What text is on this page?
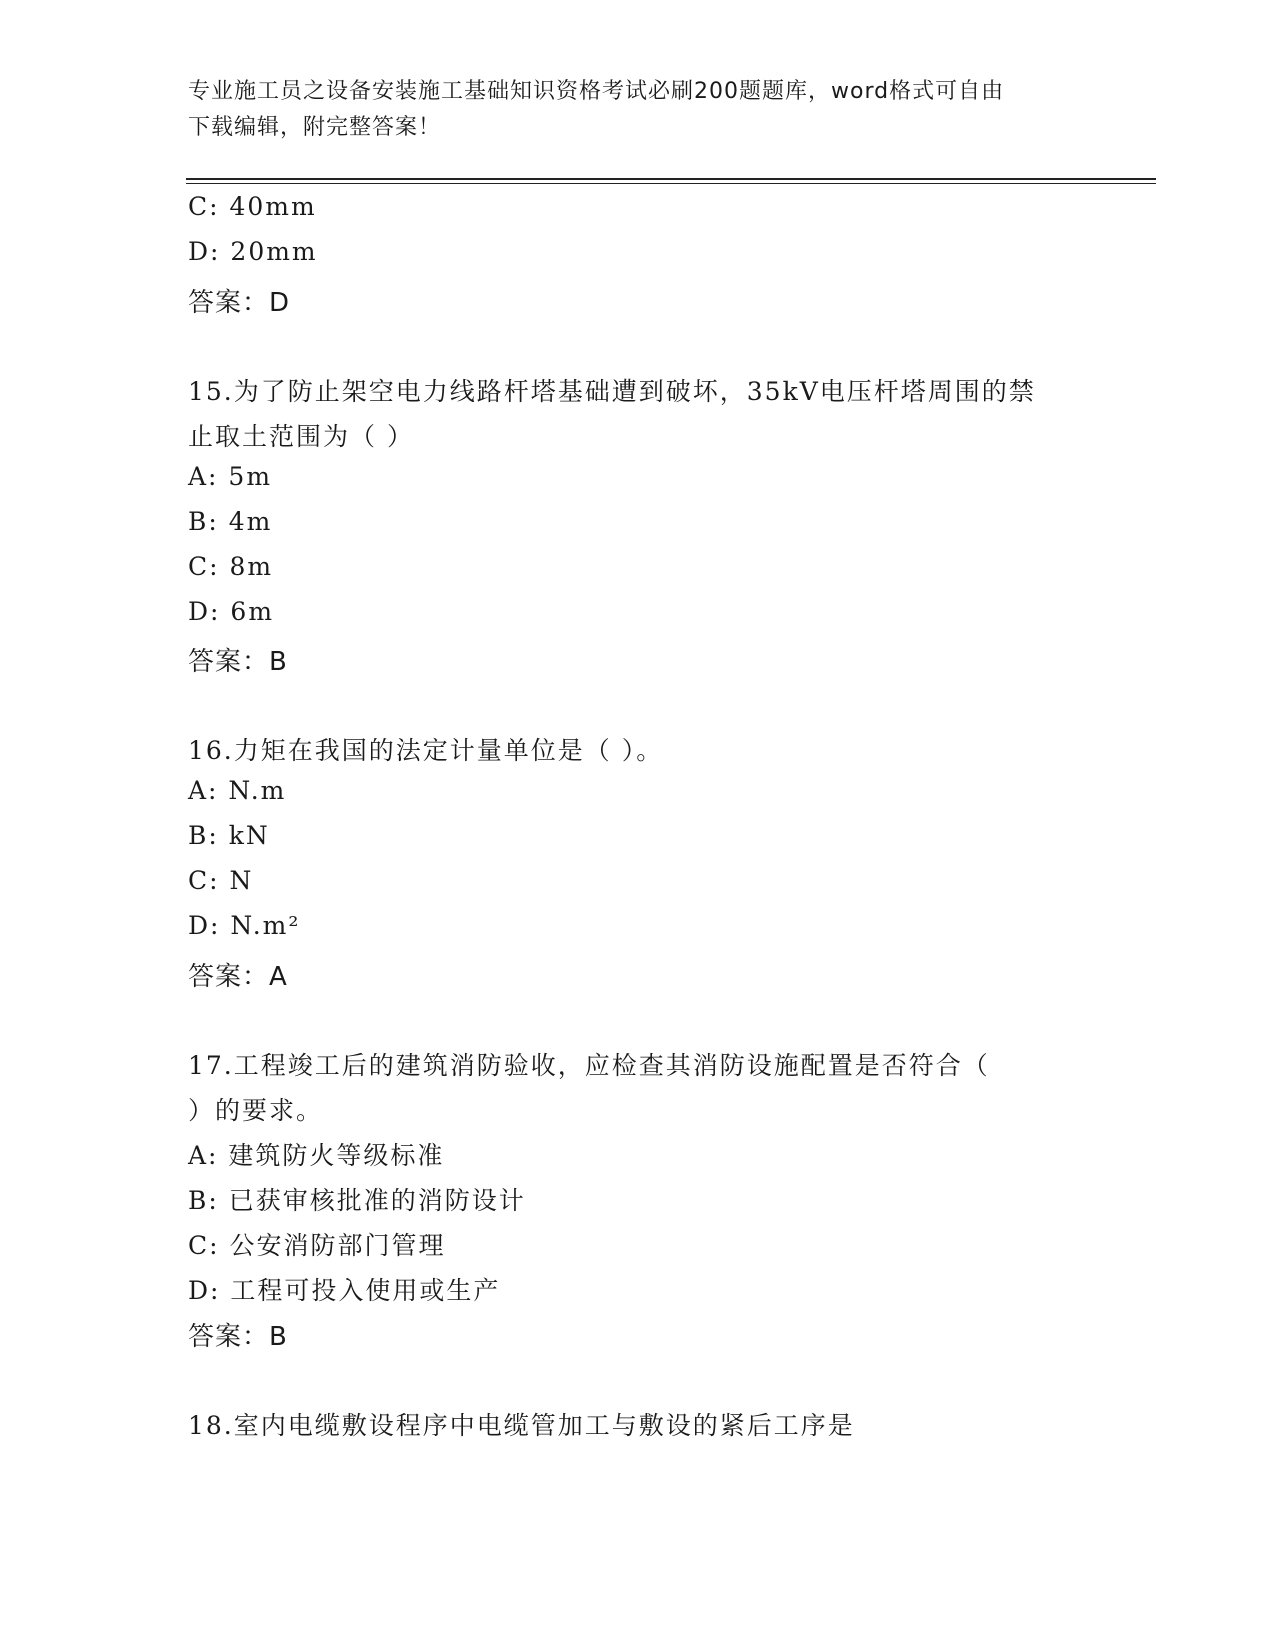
专业施工员之设备安装施工基础知识资格考试必刷200题题库，word格式可自由
下载编辑，附完整答案！
C: 40mm
D: 20mm
答案：D
15.为了防止架空电力线路杆塔基础遭到破坏，35kV电压杆塔周围的禁
止取土范围为（ ）
A: 5m
B: 4m
C: 8m
D: 6m
答案：B
16.力矩在我国的法定计量单位是（ ）。
A: N.m
B: kN
C: N
D: N.m²
答案：A
17.工程竣工后的建筑消防验收，应检查其消防设施配置是否符合（
）的要求。
A: 建筑防火等级标准
B: 已获审核批准的消防设计
C: 公安消防部门管理
D: 工程可投入使用或生产
答案：B
18.室内电缆敷设程序中电缆管加工与敷设的紧后工序是
